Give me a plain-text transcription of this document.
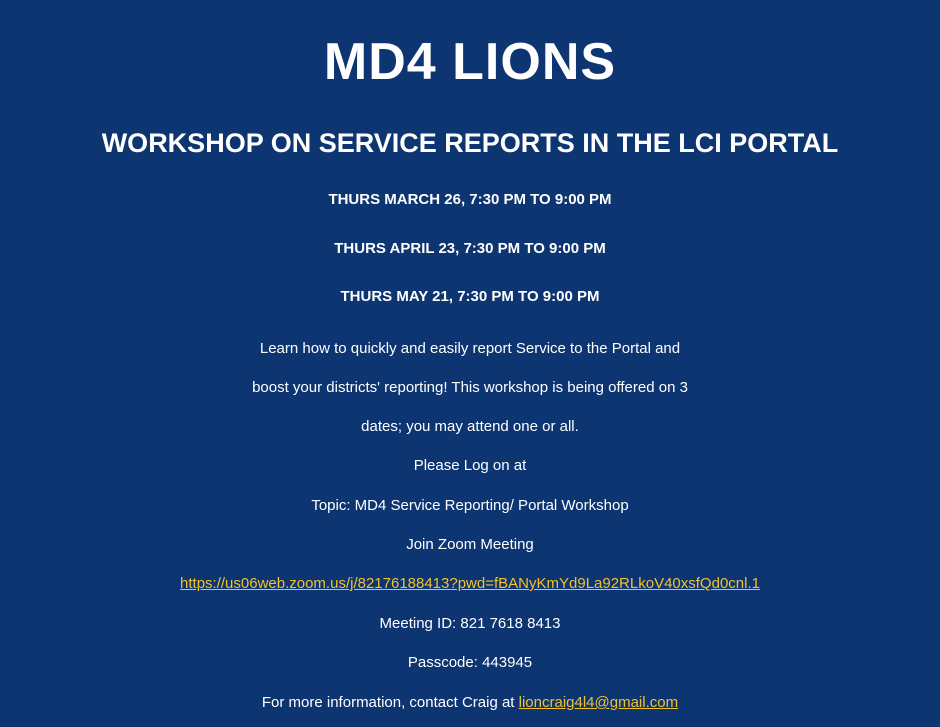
MD4 LIONS
WORKSHOP ON SERVICE REPORTS IN THE LCI PORTAL

THURS MARCH 26, 7:30 PM TO 9:00 PM

THURS APRIL 23, 7:30 PM TO 9:00 PM

THURS MAY 21, 7:30 PM TO 9:00 PM

Learn how to quickly and easily report Service to the Portal and

boost your districts' reporting! This workshop is being offered on 3

dates; you may attend one or all.

Please Log on at

Topic: MD4 Service Reporting/ Portal Workshop

Join Zoom Meeting

https://us06web.zoom.us/j/82176188413?pwd=fBANyKmYd9La92RLkoV40xsfQd0cnl.1

Meeting ID: 821 7618 8413

Passcode: 443945

For more information, contact Craig at lioncraig4l4@gmail.com
